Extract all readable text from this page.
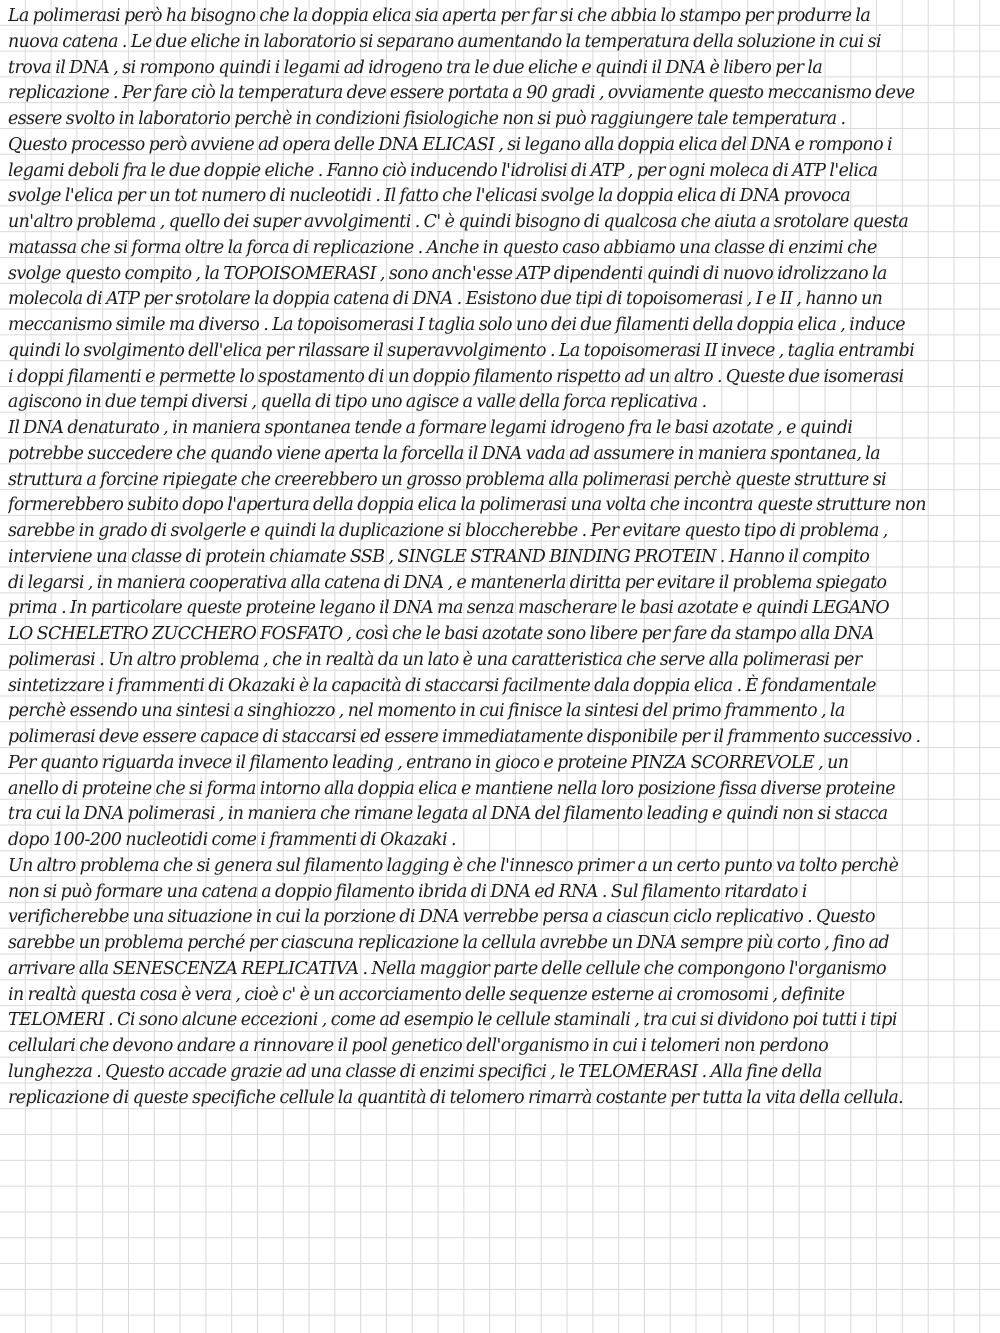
La polimerasi però ha bisogno che la doppia elica sia aperta per far si che abbia lo stampo per produrre la
nuova catena . Le due eliche in laboratorio si separano aumentando la temperatura della soluzione in cui si
trova il DNA , si rompono quindi i legami ad idrogeno tra le due eliche e quindi il DNA è libero per la
replicazione . Per fare ciò la temperatura deve essere portata a 90 gradi , ovviamente questo meccanismo deve
essere svolto in laboratorio perchè in condizioni fisiologiche non si può raggiungere tale temperatura .
Questo processo però avviene ad opera delle DNA ELICASI , si legano alla doppia elica del DNA e rompono i
legami deboli fra le due doppie eliche . Fanno ciò inducendo l'idrolisi di ATP , per ogni moleca di ATP l'elica
svolge l'elica per un tot numero di nucleotidi . Il fatto che l'elicasi svolge la doppia elica di DNA provoca
un'altro problema , quello dei super avvolgimenti . C' è quindi bisogno di qualcosa che aiuta a srotolare questa
matassa che si forma oltre la forca di replicazione . Anche in questo caso abbiamo una classe di enzimi che
svolge questo compito , la TOPOISOMERASI , sono anch'esse ATP dipendenti quindi di nuovo idrolizzano la
molecola di ATP per srotolare la doppia catena di DNA . Esistono due tipi di topoisomerasi , I e II , hanno un
meccanismo simile ma diverso . La topoisomerasi I taglia solo uno dei due filamenti della doppia elica , induce
quindi lo svolgimento dell'elica per rilassare il superavvolgimento . La topoisomerasi II invece , taglia entrambi
i doppi filamenti e permette lo spostamento di un doppio filamento rispetto ad un altro . Queste due isomerasi
agiscono in due tempi diversi , quella di tipo uno agisce a valle della forca replicativa .
Il DNA denaturato , in maniera spontanea tende a formare legami idrogeno fra le basi azotate , e quindi
potrebbe succedere che quando viene aperta la forcella il DNA vada ad assumere in maniera spontanea, la
struttura a forcine ripiegate che creerebbero un grosso problema alla polimerasi perchè queste strutture si
formerebbero subito dopo l'apertura della doppia elica la polimerasi una volta che incontra queste strutture non
sarebbe in grado di svolgerle e quindi la duplicazione si bloccherebbe . Per evitare questo tipo di problema ,
interviene una classe di protein chiamate SSB , SINGLE STRAND BINDING PROTEIN . Hanno il compito
di legarsi , in maniera cooperativa alla catena di DNA , e mantenerla diritta per evitare il problema spiegato
prima . In particolare queste proteine legano il DNA ma senza mascherare le basi azotate e quindi LEGANO
LO SCHELETRO ZUCCHERO FOSFATO , così che le basi azotate sono libere per fare da stampo alla DNA
polimerasi . Un altro problema , che in realtà da un lato è una caratteristica che serve alla polimerasi per
sintetizzare i frammenti di Okazaki è la capacità di staccarsi facilmente dala doppia elica . È fondamentale
perchè essendo una sintesi a singhiozzo , nel momento in cui finisce la sintesi del primo frammento , la
polimerasi deve essere capace di staccarsi ed essere immediatamente disponibile per il frammento successivo .
Per quanto riguarda invece il filamento leading , entrano in gioco e proteine PINZA SCORREVOLE , un
anello di proteine che si forma intorno alla doppia elica e mantiene nella loro posizione fissa diverse proteine
tra cui la DNA polimerasi , in maniera che rimane legata al DNA del filamento leading e quindi non si stacca
dopo 100-200 nucleotidi come i frammenti di Okazaki .
Un altro problema che si genera sul filamento lagging è che l'innesco primer a un certo punto va tolto perchè
non si può formare una catena a doppio filamento ibrida di DNA ed RNA . Sul filamento ritardato i
verificherebbe una situazione in cui la porzione di DNA verrebbe persa a ciascun ciclo replicativo . Questo
sarebbe un problema perché per ciascuna replicazione la cellula avrebbe un DNA sempre più corto , fino ad
arrivare alla SENESCENZA REPLICATIVA . Nella maggior parte delle cellule che compongono l'organismo
in realtà questa cosa è vera , cioè c' è un accorciamento delle sequenze esterne ai cromosomi , definite
TELOMERI . Ci sono alcune eccezioni , come ad esempio le cellule staminali , tra cui si dividono poi tutti i tipi
cellulari che devono andare a rinnovare il pool genetico dell'organismo in cui i telomeri non perdono
lunghezza . Questo accade grazie ad una classe di enzimi specifici , le TELOMERASI . Alla fine della
replicazione di queste specifiche cellule la quantità di telomero rimarrà costante per tutta la vita della cellula.
